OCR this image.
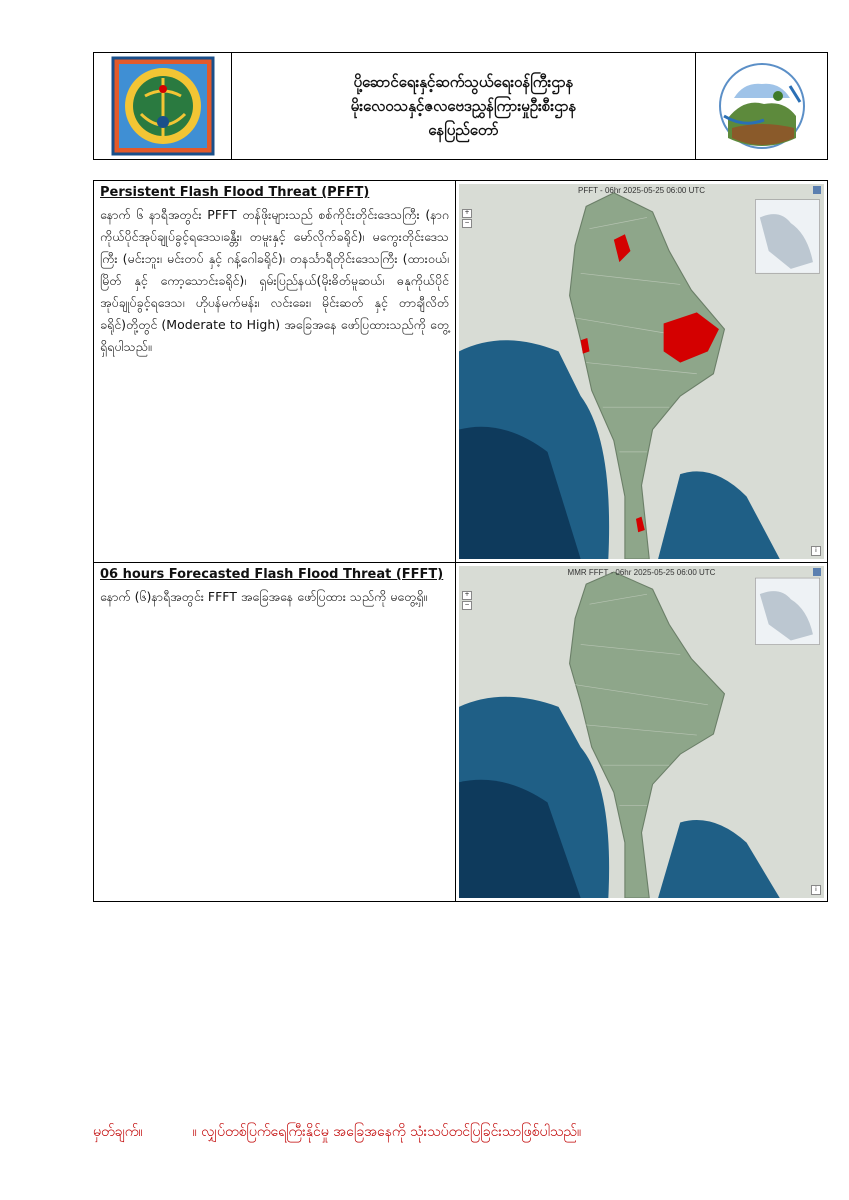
ပို့ဆောင်ရေးနှင့်ဆက်သွယ်ရေးဝန်ကြီးဌာန
မိုးလေဝသနှင့်ဇလဗေဒညွှန်ကြားမှုဦးစီးဌာန
နေပြည်တော်
Persistent Flash Flood Threat (PFFT)
နောက် ၆ နာရီအတွင်း PFFT တန်ဖိုးများသည် စစ်ကိုင်းတိုင်းဒေသကြီး (နာဂကိုယ်ပိုင်အုပ်ချုပ်ခွင့်ရဒေသ၊ခန္တီး၊ တမူးနှင့် မော်လိုက်ခရိုင်)၊ မကွေးတိုင်းဒေသကြီး (မင်းဘူး၊ မင်းတပ် နှင့် ဂန့်ဂေါခရိုင်)၊ တနင်္သာရီတိုင်းဒေသကြီး (ထားဝယ်၊ မြိတ် နှင့် ကော့သောင်းခရိုင်)၊ ရှမ်းပြည်နယ်(မိုးဓိတ်မူဆယ်၊ ဓနုကိုယ်ပိုင်အုပ်ချုပ်ခွင့်ရဒေသ၊ ဟိုပန်မက်မန်း၊ လင်းခေး၊ မိုင်းဆတ် နှင့် တာချီလိတ်ခရိုင်)တို့တွင် (Moderate to High) အခြေအနေ ဖော်ပြထားသည်ကို တွေ့ရှိရပါသည်။
PFFT - 06hr 2025-05-25 06:00 UTC
+
−
i
06 hours Forecasted Flash Flood Threat (FFFT)
နောက် (၆)နာရီအတွင်း FFFT အခြေအနေ ဖော်ပြထား သည်ကို မတွေ့ရှိ။
MMR FFFT - 06hr 2025-05-25 06:00 UTC
+
−
i
မှတ်ချက်။	။ လျှပ်တစ်ပြက်ရေကြီးနိုင်မှု အခြေအနေကို သုံးသပ်တင်ပြခြင်းသာဖြစ်ပါသည်။
